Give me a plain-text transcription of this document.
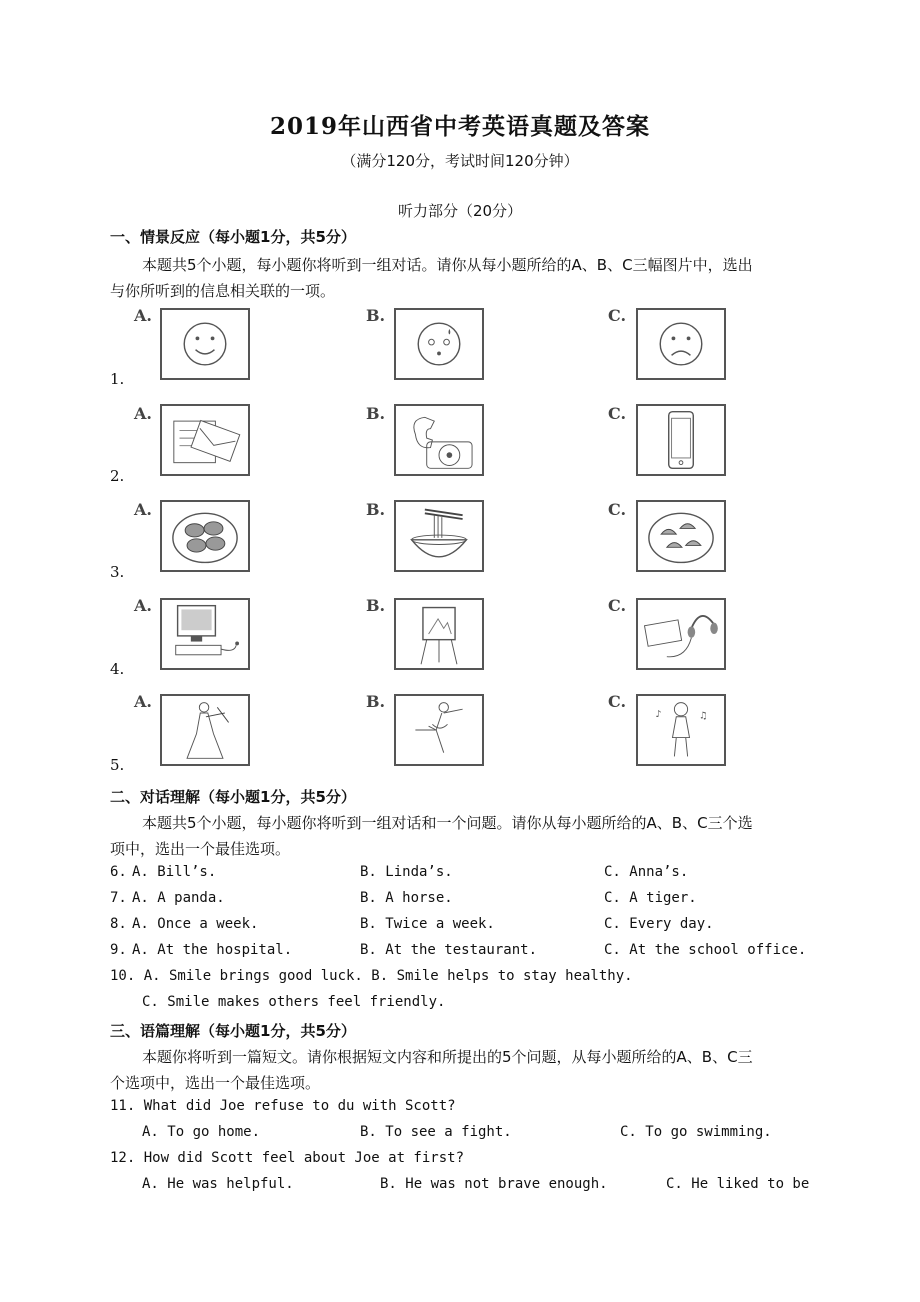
2019年山西省中考英语真题及答案
（满分120分，考试时间120分钟）
听力部分（20分）
一、情景反应（每小题1分，共5分）
本题共5个小题，每小题你将听到一组对话。请你从每小题所给的A、B、C三幅图片中，选出
与你所听到的信息相关联的一项。
1.
A.	B.	C.
2.
A.	B.	C.
3.
A.	B.	C.
4.
A.	B.	C.
5.
A.	B.	C.
♪	♫
二、对话理解（每小题1分，共5分）
本题共5个小题，每小题你将听到一组对话和一个问题。请你从每小题所给的A、B、C三个选
项中，选出一个最佳选项。
6. A. Bill’s.	B. Linda’s.	C. Anna’s.
7. A. A panda.	B. A horse.	C. A tiger.
8. A. Once a week.	B. Twice a week.	C. Every day.
9. A. At the hospital.	B. At the testaurant.	C. At the school office.
10. A. Smile brings good luck. B. Smile helps to stay healthy.
C. Smile makes others feel friendly.
三、语篇理解（每小题1分，共5分）
本题你将听到一篇短文。请你根据短文内容和所提出的5个问题，从每小题所给的A、B、C三
个选项中，选出一个最佳选项。
11. What did Joe refuse to du with Scott?
A. To go home.	B. To see a fight.	C. To go swimming.
12. How did Scott feel about Joe at first?
A. He was helpful.	B. He was not brave enough.	C. He liked to be
